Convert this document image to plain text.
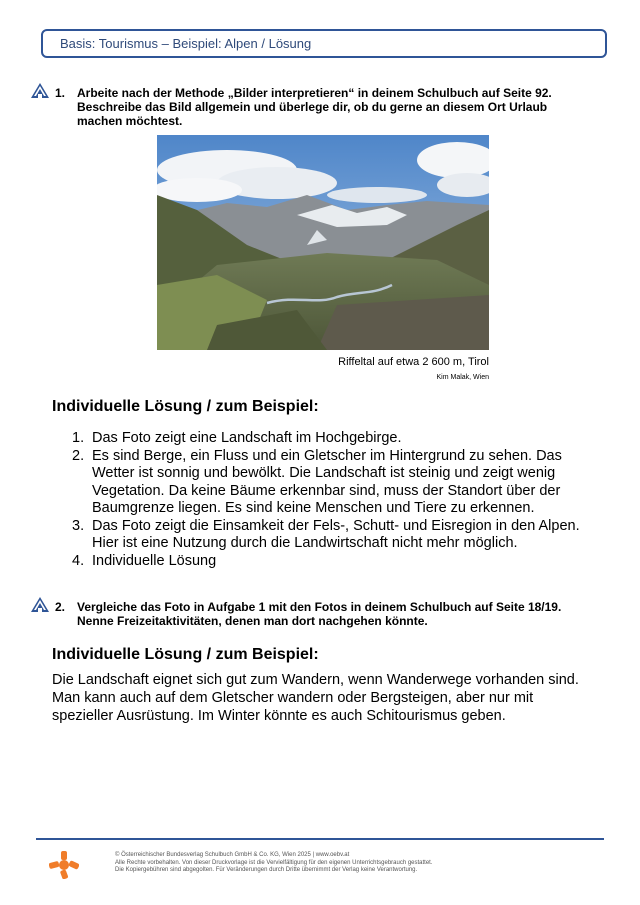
Basis: Tourismus – Beispiel: Alpen / Lösung
1. Arbeite nach der Methode „Bilder interpretieren“ in deinem Schulbuch auf Seite 92.
Beschreibe das Bild allgemein und überlege dir, ob du gerne an diesem Ort Urlaub
machen möchtest.
Riffeltal auf etwa 2 600 m, Tirol
Kim Malak, Wien
Individuelle Lösung / zum Beispiel:
1. Das Foto zeigt eine Landschaft im Hochgebirge.
2. Es sind Berge, ein Fluss und ein Gletscher im Hintergrund zu sehen. Das
Wetter ist sonnig und bewölkt. Die Landschaft ist steinig und zeigt wenig
Vegetation. Da keine Bäume erkennbar sind, muss der Standort über der
Baumgrenze liegen. Es sind keine Menschen und Tiere zu erkennen.
3. Das Foto zeigt die Einsamkeit der Fels-, Schutt- und Eisregion in den Alpen.
Hier ist eine Nutzung durch die Landwirtschaft nicht mehr möglich.
4. Individuelle Lösung
2. Vergleiche das Foto in Aufgabe 1 mit den Fotos in deinem Schulbuch auf Seite 18/19.
Nenne Freizeitaktivitäten, denen man dort nachgehen könnte.
Individuelle Lösung / zum Beispiel:
Die Landschaft eignet sich gut zum Wandern, wenn Wanderwege vorhanden sind.
Man kann auch auf dem Gletscher wandern oder Bergsteigen, aber nur mit
spezieller Ausrüstung. Im Winter könnte es auch Schitourismus geben.
© Österreichischer Bundesverlag Schulbuch GmbH & Co. KG, Wien 2025 | www.oebv.at
Alle Rechte vorbehalten. Von dieser Druckvorlage ist die Vervielfältigung für den eigenen Unterrichtsgebrauch gestattet.
Die Kopiergebühren sind abgegolten. Für Veränderungen durch Dritte übernimmt der Verlag keine Verantwortung.
